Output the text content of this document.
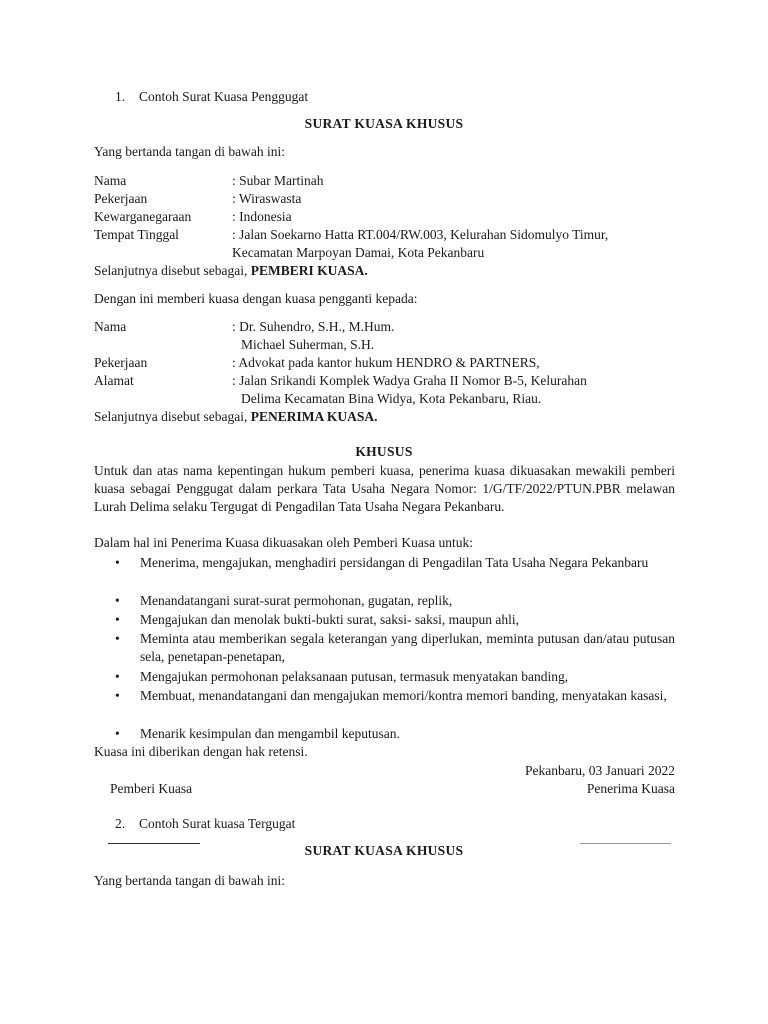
1. Contoh Surat Kuasa Penggugat
SURAT KUASA KHUSUS
Yang bertanda tangan di bawah ini:
Nama	: Subar Martinah
Pekerjaan	: Wiraswasta
Kewarganegaraan	: Indonesia
Tempat Tinggal	: Jalan Soekarno Hatta RT.004/RW.003, Kelurahan Sidomulyo Timur,
Kecamatan Marpoyan Damai, Kota Pekanbaru
Selanjutnya disebut sebagai, PEMBERI KUASA.
Dengan ini memberi kuasa dengan kuasa pengganti kepada:
Nama	: Dr. Suhendro, S.H., M.Hum.
Michael Suherman, S.H.
Pekerjaan	: Advokat pada kantor hukum HENDRO & PARTNERS,
Alamat	: Jalan Srikandi Komplek Wadya Graha II Nomor B-5, Kelurahan
Delima Kecamatan Bina Widya, Kota Pekanbaru, Riau.
Selanjutnya disebut sebagai, PENERIMA KUASA.
KHUSUS
Untuk dan atas nama kepentingan hukum pemberi kuasa, penerima kuasa dikuasakan mewakili pemberi kuasa sebagai Penggugat dalam perkara Tata Usaha Negara Nomor: 1/G/TF/2022/PTUN.PBR melawan Lurah Delima selaku Tergugat di Pengadilan Tata Usaha Negara Pekanbaru.
Dalam hal ini Penerima Kuasa dikuasakan oleh Pemberi Kuasa untuk:
• Menerima, mengajukan, menghadiri persidangan di Pengadilan Tata Usaha Negara Pekanbaru
• Menandatangani surat-surat permohonan, gugatan, replik,
• Mengajukan dan menolak bukti-bukti surat, saksi- saksi, maupun ahli,
• Meminta atau memberikan segala keterangan yang diperlukan, meminta putusan dan/atau putusan sela, penetapan-penetapan,
• Mengajukan permohonan pelaksanaan putusan, termasuk menyatakan banding,
• Membuat, menandatangani dan mengajukan memori/kontra memori banding, menyatakan kasasi,
• Menarik kesimpulan dan mengambil keputusan.
Kuasa ini diberikan dengan hak retensi.
Pekanbaru, 03 Januari 2022
Pemberi Kuasa	Penerima Kuasa
2. Contoh Surat kuasa Tergugat
SURAT KUASA KHUSUS
Yang bertanda tangan di bawah ini:
